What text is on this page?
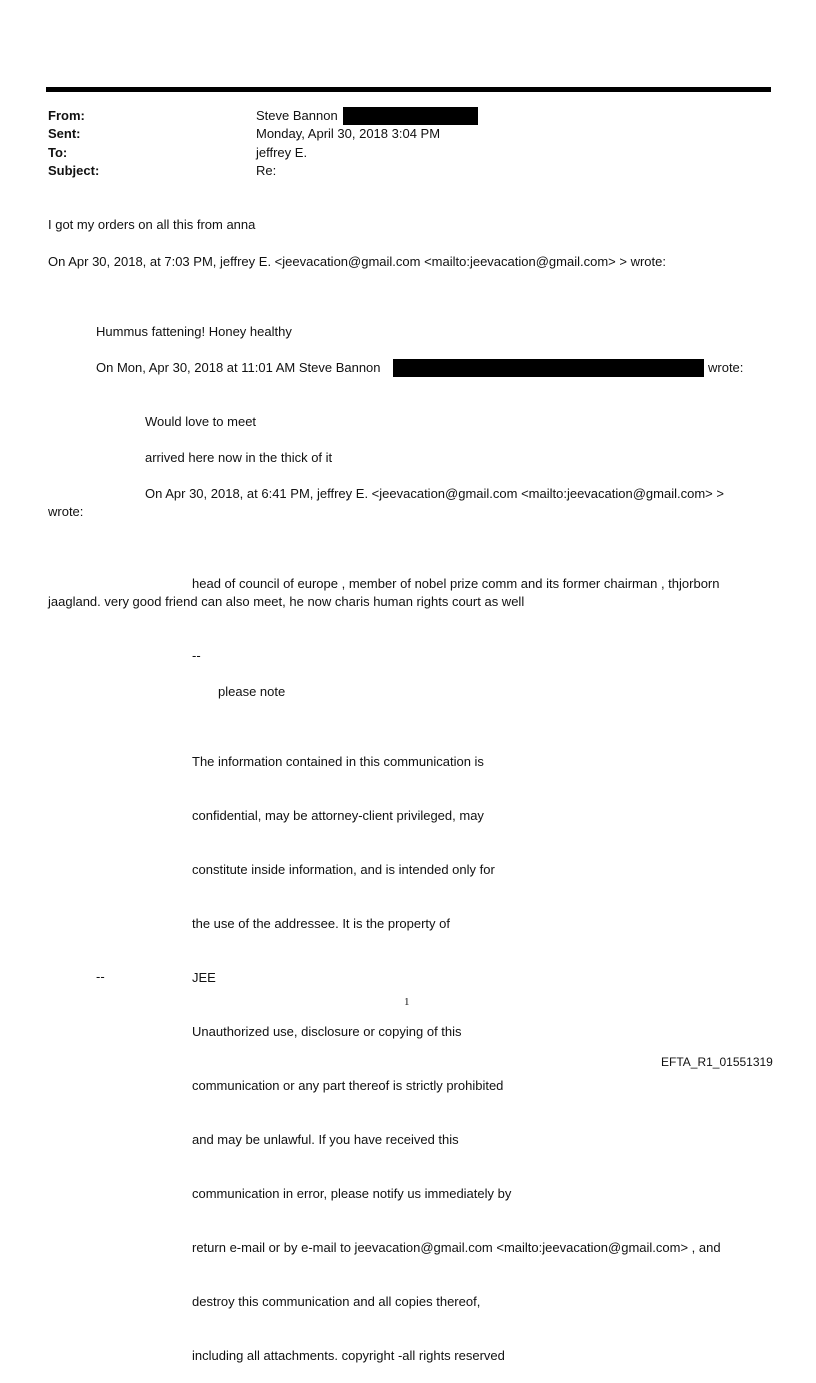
From:	Steve Bannon
Sent:	Monday, April 30, 2018 3:04 PM
To:	jeffrey E.
Subject:	Re:
I got my orders on all this from anna
On Apr 30, 2018, at 7:03 PM, jeffrey E. <jeevacation@gmail.com <mailto:jeevacation@gmail.com> > wrote:
Hummus fattening! Honey healthy
On Mon, Apr 30, 2018 at 11:01 AM Steve Bannon	wrote:
Would love to meet
arrived here now in the thick of it
On Apr 30, 2018, at 6:41 PM, jeffrey E. <jeevacation@gmail.com <mailto:jeevacation@gmail.com> >
wrote:
head of council of europe , member of nobel prize comm and its former chairman , thjorborn
jaagland. very good friend can also meet, he now charis human rights court as well
--
please note

The information contained in this communication is

confidential, may be attorney-client privileged, may

constitute inside information, and is intended only for

the use of the addressee. It is the property of

JEE

Unauthorized use, disclosure or copying of this

communication or any part thereof is strictly prohibited

and may be unlawful. If you have received this

communication in error, please notify us immediately by

return e-mail or by e-mail to jeevacation@gmail.com <mailto:jeevacation@gmail.com> , and

destroy this communication and all copies thereof,

including all attachments. copyright -all rights reserved

--
1
EFTA_R1_01551319
